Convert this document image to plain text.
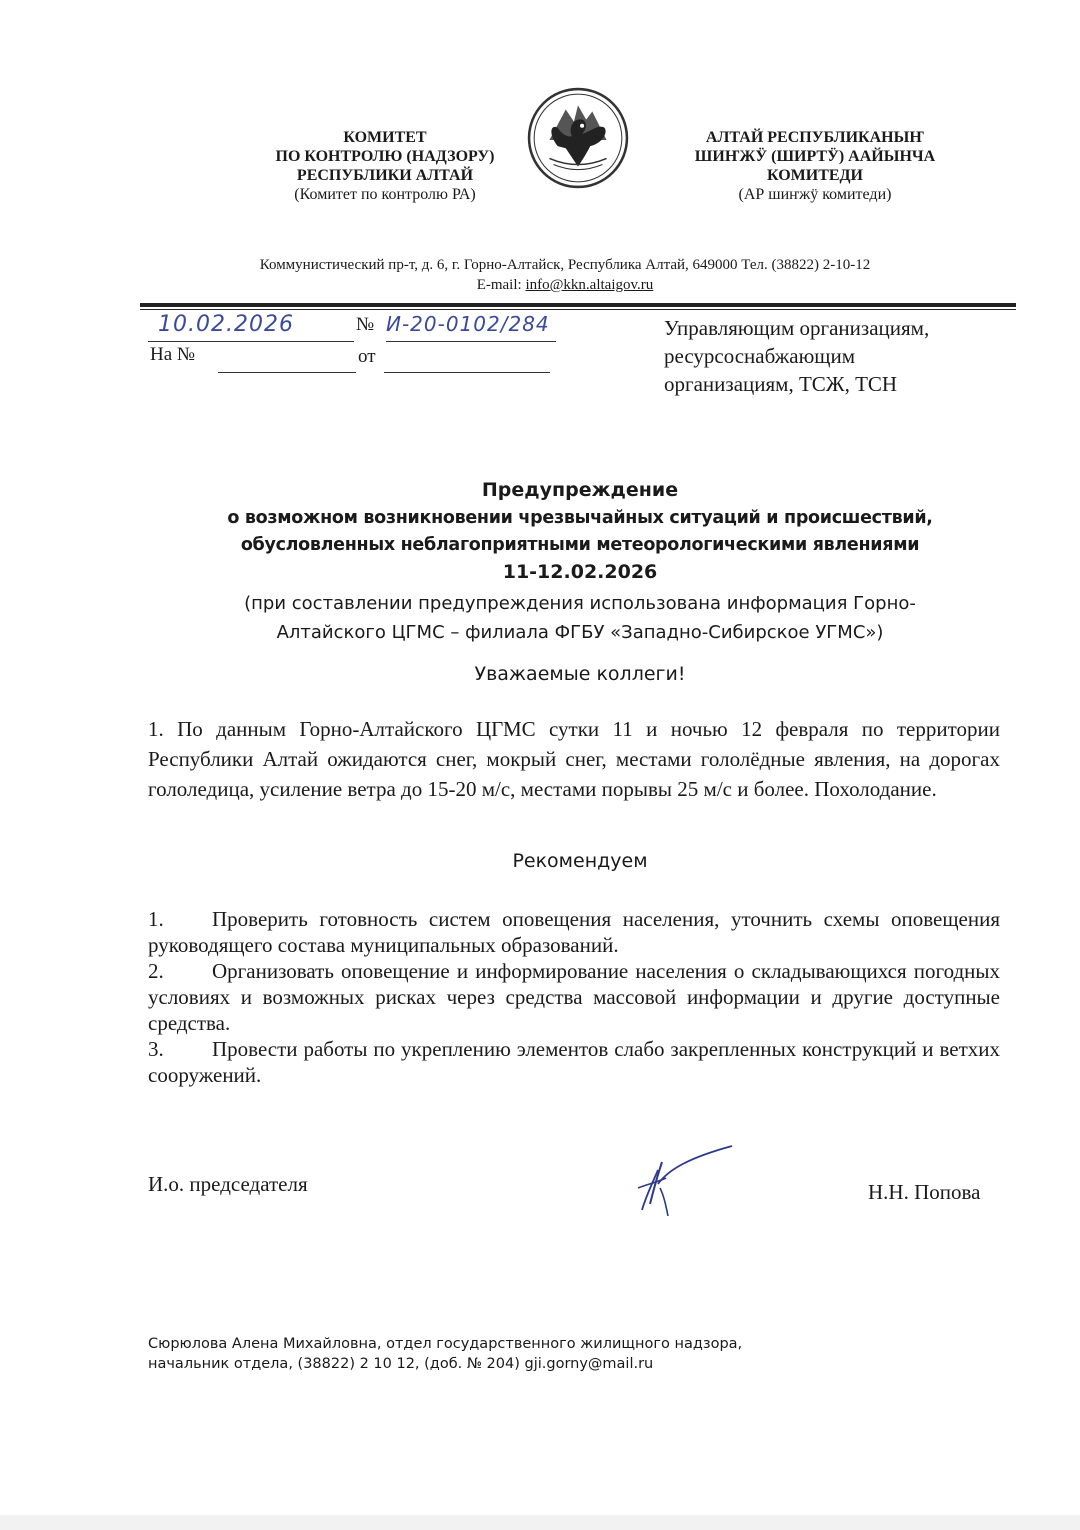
КОМИТЕТ
ПО КОНТРОЛЮ (НАДЗОРУ)
РЕСПУБЛИКИ АЛТАЙ
(Комитет по контролю РА)
АЛТАЙ РЕСПУБЛИКАНЫҤ
ШИҤЖӰ (ШИРТӰ) ААЙЫНЧА
КОМИТЕДИ
(АР шиҥжӱ комитеди)
Коммунистический пр-т, д. 6, г. Горно-Алтайск, Республика Алтай, 649000 Тел. (38822) 2-10-12
E-mail: info@kkn.altaigov.ru
10.02.2026	№ И-20-0102/284
На №	от
Управляющим организациям,
ресурсоснабжающим
организациям, ТСЖ, ТСН
Предупреждение
о возможном возникновении чрезвычайных ситуаций и происшествий,
обусловленных неблагоприятными метеорологическими явлениями
11-12.02.2026
(при составлении предупреждения использована информация Горно-
Алтайского ЦГМС – филиала ФГБУ «Западно-Сибирское УГМС»)
Уважаемые коллеги!
1. По данным Горно-Алтайского ЦГМС сутки 11 и ночью 12 февраля по территории Республики Алтай ожидаются снег, мокрый снег, местами гололёдные явления, на дорогах гололедица, усиление ветра до 15-20 м/с, местами порывы 25 м/с и более. Похолодание.
Рекомендуем

1. Проверить готовность систем оповещения населения, уточнить схемы оповещения руководящего состава муниципальных образований.

2. Организовать оповещение и информирование населения о складывающихся погодных условиях и возможных рисках через средства массовой информации и другие доступные средства.

3. Провести работы по укреплению элементов слабо закрепленных конструкций и ветхих сооружений.

И.о. председателя	Н.Н. Попова
Сюрюлова Алена Михайловна, отдел государственного жилищного надзора,
начальник отдела, (38822) 2 10 12, (доб. № 204) gji.gorny@mail.ru
